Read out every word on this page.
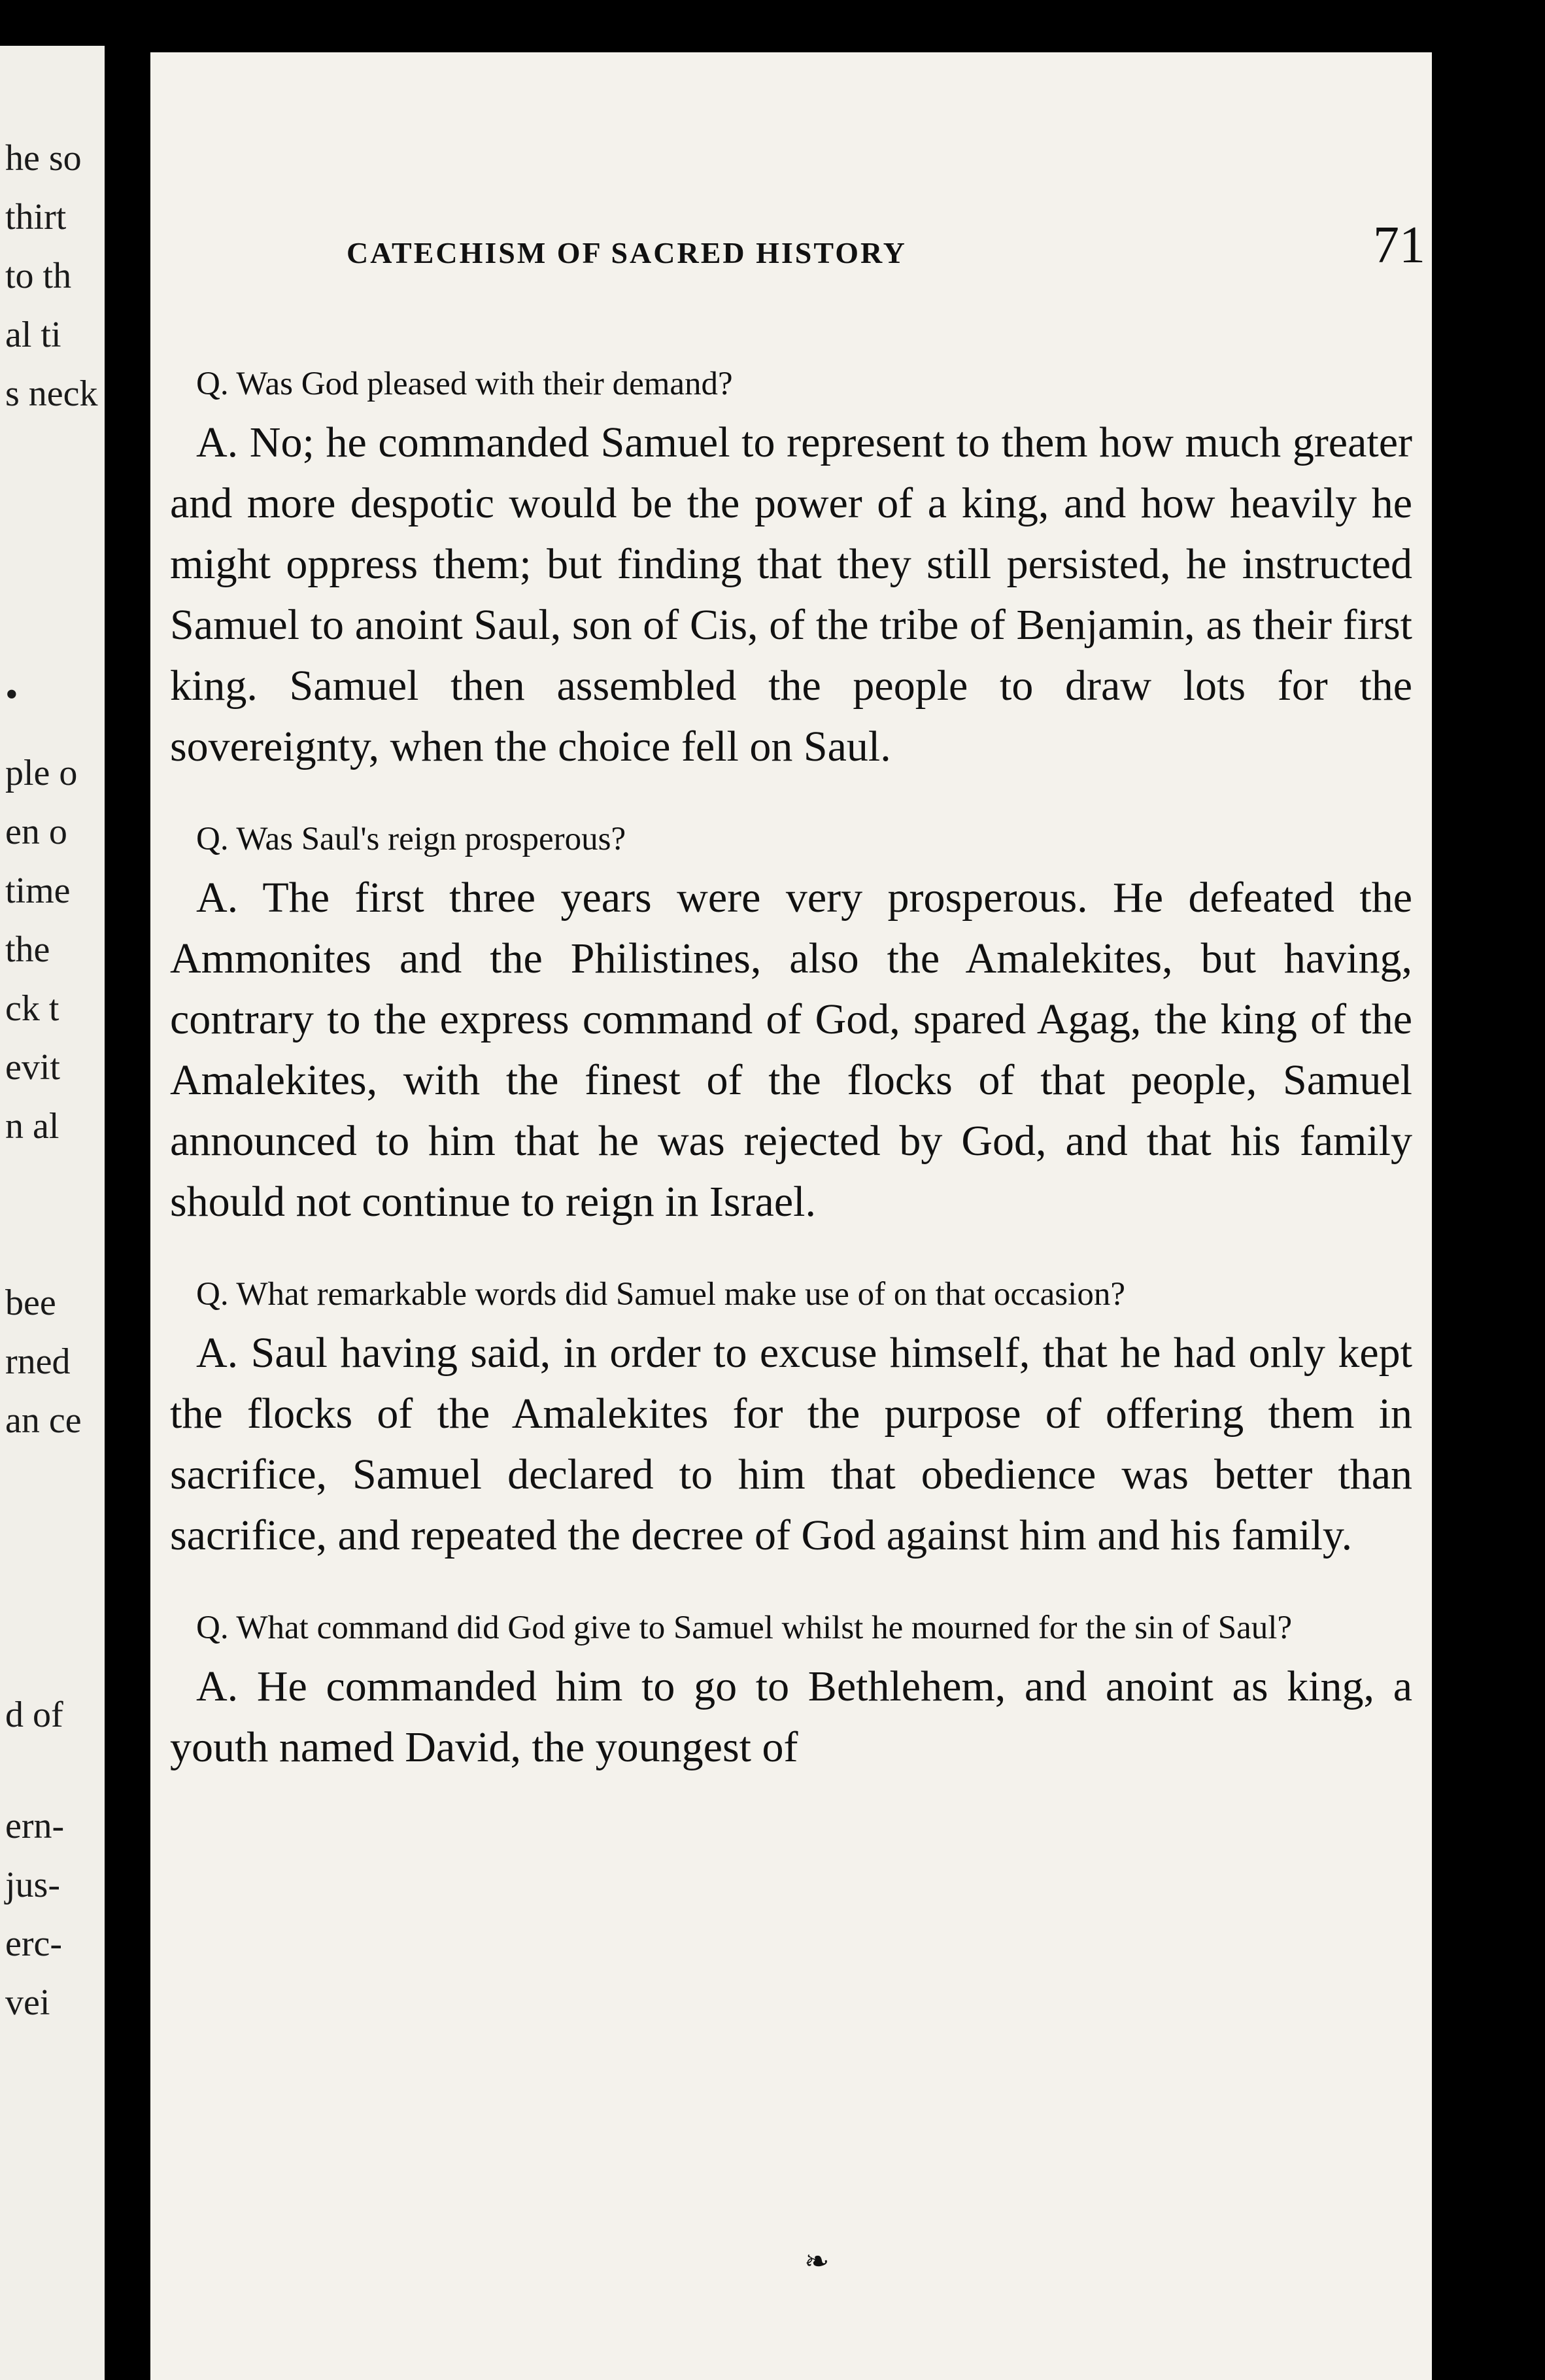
he so
thirt
to th
al ti
s neck
•
ple o
en o
time
the
ck t
evit
n al
bee
rned
an ce
d of
ern-
jus-
erc-
vei
CATECHISM OF SACRED HISTORY	71

Q. Was God pleased with their demand?

A. No; he commanded Samuel to represent to them how much greater and more despotic would be the power of a king, and how heavily he might oppress them; but finding that they still persisted, he instructed Samuel to anoint Saul, son of Cis, of the tribe of Benjamin, as their first king. Samuel then assembled the people to draw lots for the sovereignty, when the choice fell on Saul.

Q. Was Saul's reign prosperous?

A. The first three years were very prosperous. He defeated the Ammonites and the Philistines, also the Amalekites, but having, contrary to the express command of God, spared Agag, the king of the Amalekites, with the finest of the flocks of that people, Samuel announced to him that he was rejected by God, and that his family should not continue to reign in Israel.

Q. What remarkable words did Samuel make use of on that occasion?

A. Saul having said, in order to excuse himself, that he had only kept the flocks of the Amalekites for the purpose of offering them in sacrifice, Samuel declared to him that obedience was better than sacrifice, and repeated the decree of God against him and his family.

Q. What command did God give to Samuel whilst he mourned for the sin of Saul?

A. He commanded him to go to Bethlehem, and anoint as king, a youth named David, the youngest of

❧
